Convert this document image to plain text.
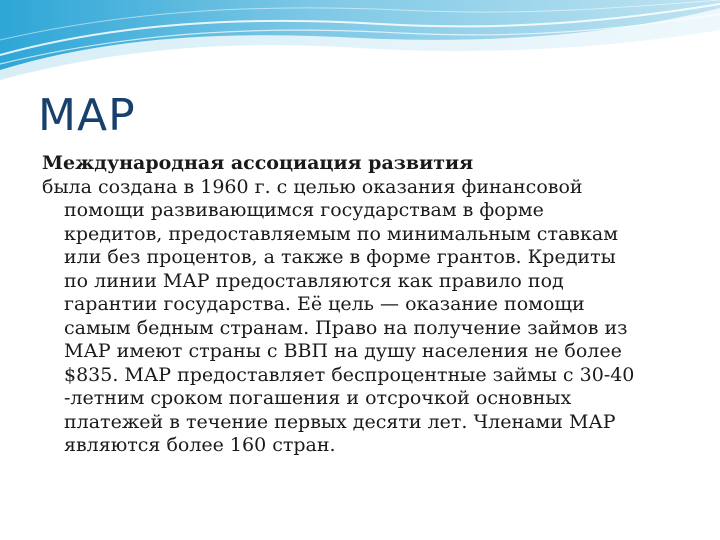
МАР

Международная ассоциация развития

была создана в 1960 г. с целью оказания финансовой
помощи развивающимся государствам в форме
кредитов, предоставляемым по минимальным ставкам
или без процентов, а также в форме грантов. Кредиты
по линии МАР предоставляются как правило под
гарантии государства. Её цель — оказание помощи
самым бедным странам. Право на получение займов из
МАР имеют страны с ВВП на душу населения не более
$835. МАР предоставляет беспроцентные займы с 30-40
-летним сроком погашения и отсрочкой основных
платежей в течение первых десяти лет. Членами МАР
являются более 160 стран.
